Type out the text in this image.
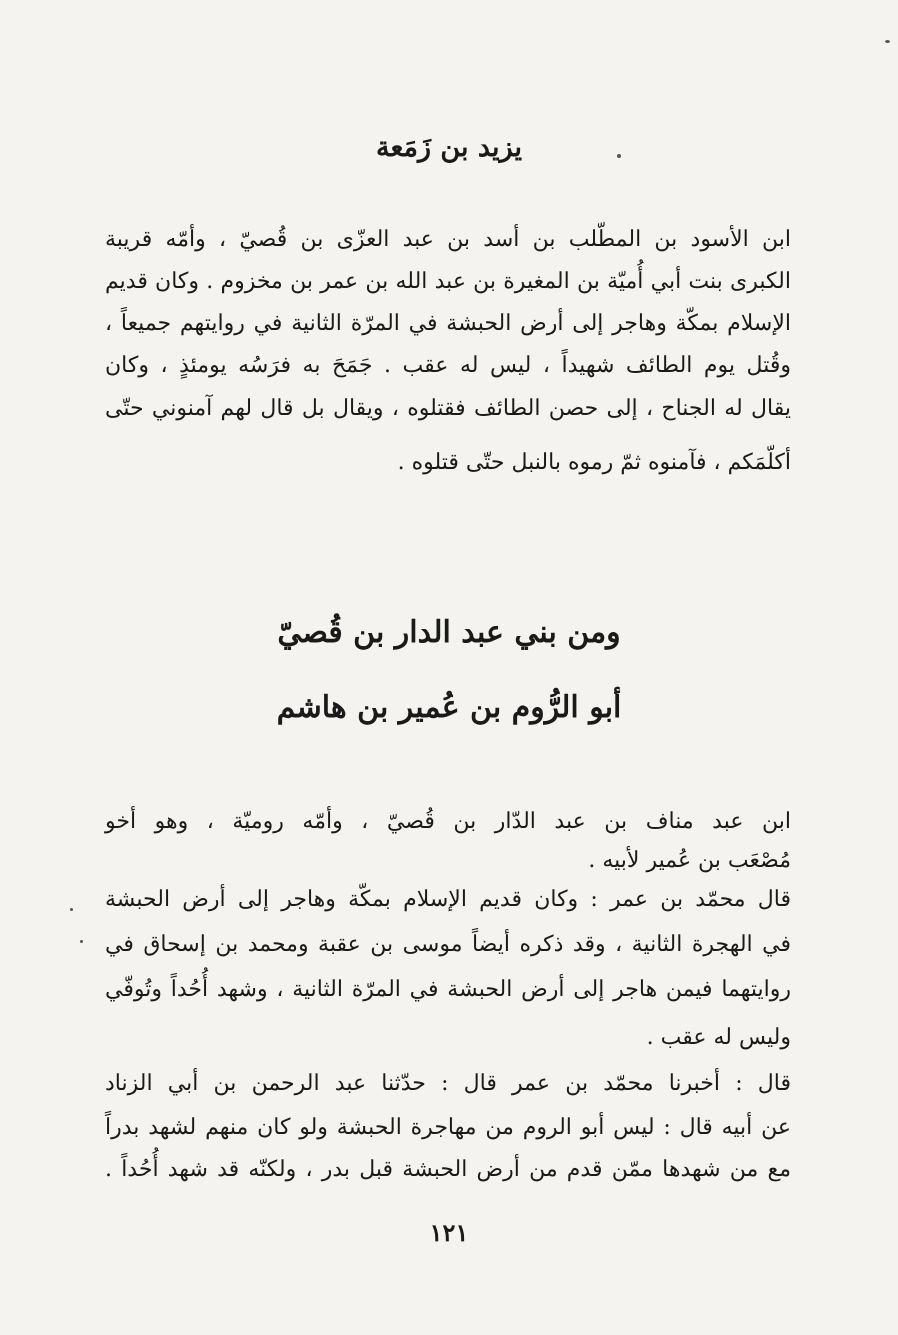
يزيد بن زَمَعة
ابن الأسود بن المطّلب بن أسد بن عبد العزّى بن قُصيّ ، وأمّه قريبة
الكبرى بنت أبي أُميّة بن المغيرة بن عبد الله بن عمر بن مخزوم . وكان قديم
الإسلام بمكّة وهاجر إلى أرض الحبشة في المرّة الثانية في روايتهم جميعاً ،
وقُتل يوم الطائف شهيداً ، ليس له عقب . جَمَحَ به فرَسُه يومئذٍ ، وكان
يقال له الجناح ، إلى حصن الطائف فقتلوه ، ويقال بل قال لهم آمنوني حتّى
أكلّمَكم ، فآمنوه ثمّ رموه بالنبل حتّى قتلوه .
ومن بني عبد الدار بن قُصيّ
أبو الرُّوم بن عُمير بن هاشم
ابن عبد مناف بن عبد الدّار بن قُصيّ ، وأمّه روميّة ، وهو أخو
مُصْعَب بن عُمير لأبيه .
قال محمّد بن عمر : وكان قديم الإسلام بمكّة وهاجر إلى أرض الحبشة
في الهجرة الثانية ، وقد ذكره أيضاً موسى بن عقبة ومحمد بن إسحاق في
روايتهما فيمن هاجر إلى أرض الحبشة في المرّة الثانية ، وشهد أُحُداً وتُوفّي
وليس له عقب .
قال : أخبرنا محمّد بن عمر قال : حدّثنا عبد الرحمن بن أبي الزناد
عن أبيه قال : ليس أبو الروم من مهاجرة الحبشة ولو كان منهم لشهد بدراً
مع من شهدها ممّن قدم من أرض الحبشة قبل بدر ، ولكنّه قد شهد أُحُداً .
١٢١
